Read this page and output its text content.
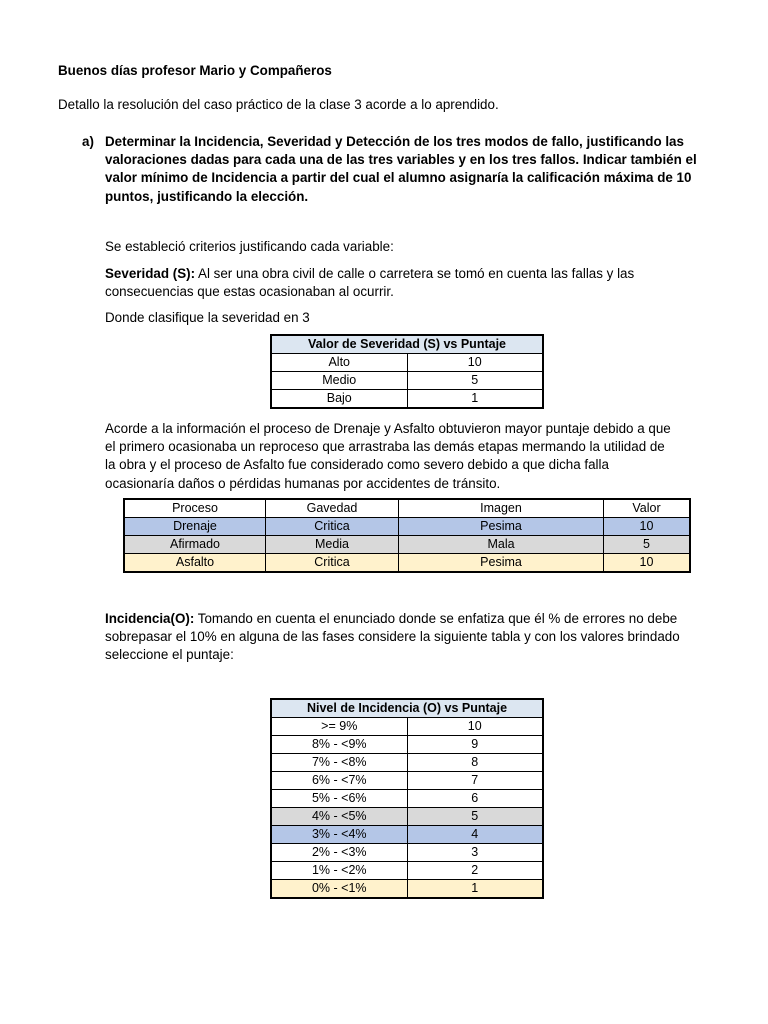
Buenos días profesor Mario y Compañeros
Detallo la resolución del caso práctico de la clase 3 acorde a lo aprendido.
a) Determinar la Incidencia, Severidad y Detección de los tres modos de fallo, justificando las
valoraciones dadas para cada una de las tres variables y en los tres fallos. Indicar también el
valor mínimo de Incidencia a partir del cual el alumno asignaría la calificación máxima de 10
puntos, justificando la elección.
Se estableció criterios justificando cada variable:
Severidad (S): Al ser una obra civil de calle o carretera se tomó en cuenta las fallas y las
consecuencias que estas ocasionaban al ocurrir.
Donde clasifique la severidad en 3
Valor de Severidad (S) vs Puntaje	
Alto	10
Medio	5
Bajo	1
Acorde a la información el proceso de Drenaje y Asfalto obtuvieron mayor puntaje debido a que
el primero ocasionaba un reproceso que arrastraba las demás etapas mermando la utilidad de
la obra y el proceso de Asfalto fue considerado como severo debido a que dicha falla
ocasionaría daños o pérdidas humanas por accidentes de tránsito.
Proceso	Gavedad	Imagen	Valor
Drenaje	Critica	Pesima	10
Afirmado	Media	Mala	5
Asfalto	Critica	Pesima	10
Incidencia(O): Tomando en cuenta el enunciado donde se enfatiza que él % de errores no debe
sobrepasar el 10% en alguna de las fases considere la siguiente tabla y con los valores brindado
seleccione el puntaje:
Nivel de Incidencia (O) vs Puntaje	
>= 9%	10
8% - <9%	9
7% - <8%	8
6% - <7%	7
5% - <6%	6
4% - <5%	5
3% - <4%	4
2% - <3%	3
1% - <2%	2
0% - <1%	1
